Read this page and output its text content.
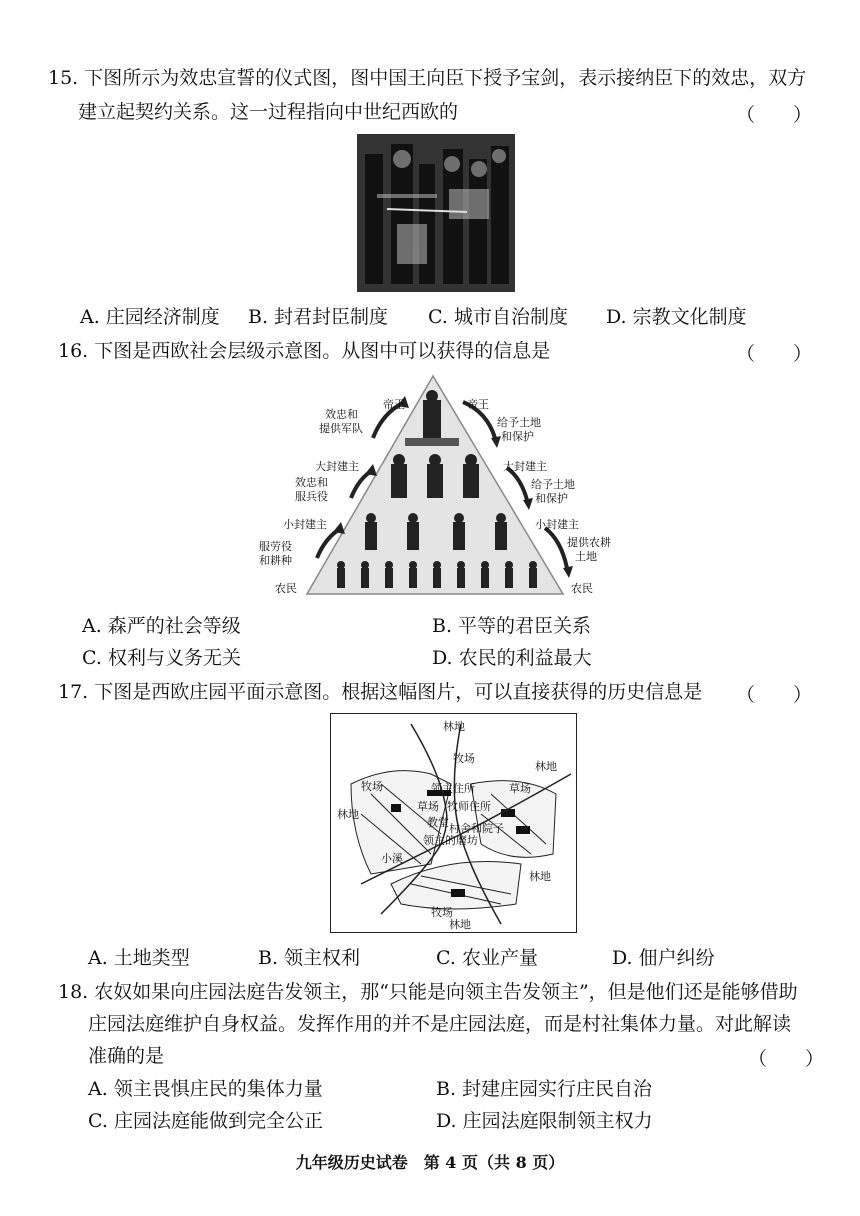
15. 下图所示为效忠宣誓的仪式图，图中国王向臣下授予宝剑，表示接纳臣下的效忠，双方
建立起契约关系。这一过程指向中世纪西欧的	（　　）
A. 庄园经济制度 B. 封君封臣制度 C. 城市自治制度 D. 宗教文化制度
16. 下图是西欧社会层级示意图。从图中可以获得的信息是	（　　）
帝王
大封建主
小封建主
农民
帝王
大封建主
小封建主
农民
效忠和
提供军队
效忠和
服兵役
服劳役
和耕种
给予土地
和保护
给予土地
和保护
提供农耕
土地
A. 森严的社会等级	B. 平等的君臣关系
C. 权利与义务无关	D. 农民的利益最大
17. 下图是西欧庄园平面示意图。根据这幅图片，可以直接获得的历史信息是 （　　）
林地
牧场
领主住所
牧师住所
教堂
草场
林地
草场
林地
牧场
村舍和院子
领主的磨坊
小溪
林地
牧场
林地
A. 土地类型	B. 领主权利	C. 农业产量	D. 佃户纠纷
18. 农奴如果向庄园法庭告发领主，那“只能是向领主告发领主”，但是他们还是能够借助
庄园法庭维护自身权益。发挥作用的并不是庄园法庭，而是村社集体力量。对此解读
准确的是	（　　）
A. 领主畏惧庄民的集体力量	B. 封建庄园实行庄民自治
C. 庄园法庭能做到完全公正	D. 庄园法庭限制领主权力
九年级历史试卷　第 4 页（共 8 页）
